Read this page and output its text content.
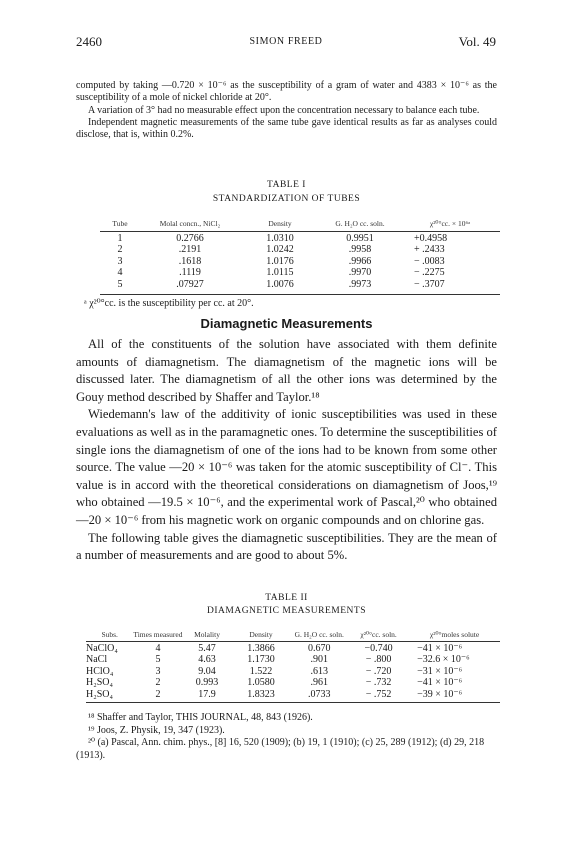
2460	SIMON FREED	Vol. 49

computed by taking —0.720 × 10⁻⁶ as the susceptibility of a gram of water and 4383 × 10⁻⁶ as the susceptibility of a mole of nickel chloride at 20°.

A variation of 3° had no measurable effect upon the concentration necessary to balance each tube.

Independent magnetic measurements of the same tube gave identical results as far as analyses could disclose, that is, within 0.2%.

TABLE I
STANDARDIZATION OF TUBES
Tube	Molal concn., NiCl₂	Density	G. H₂O cc. soln.	χ²⁰°cc. × 10⁶ᵃ

1	0.2766	1.0310	0.9951	+0.4958
2	.2191	1.0242	.9958	+ .2433
3	.1618	1.0176	.9966	− .0083
4	.1119	1.0115	.9970	− .2275
5	.07927	1.0076	.9973	− .3707
ᵃ χ²⁰°cc. is the susceptibility per cc. at 20°.
Diamagnetic Measurements

All of the constituents of the solution have associated with them definite amounts of diamagnetism. The diamagnetism of the magnetic ions will be discussed later. The diamagnetism of all the other ions was determined by the Gouy method described by Shaffer and Taylor.¹⁸

Wiedemann's law of the additivity of ionic susceptibilities was used in these evaluations as well as in the paramagnetic ones. To determine the susceptibilities of single ions the diamagnetism of one of the ions had to be known from some other source. The value —20 × 10⁻⁶ was taken for the atomic susceptibility of Cl⁻. This value is in accord with the theoretical considerations on diamagnetism of Joos,¹⁹ who obtained —19.5 × 10⁻⁶, and the experimental work of Pascal,²⁰ who obtained —20 × 10⁻⁶ from his magnetic work on organic compounds and on chlorine gas.

The following table gives the diamagnetic susceptibilities. They are the mean of a number of measurements and are good to about 5%.

TABLE II
DIAMAGNETIC MEASUREMENTS
Subs.	Times measured	Molality	Density	G. H₂O cc. soln.	χ²⁰°cc. soln.	χ²⁰°moles solute

NaClO₄	4	5.47	1.3866	0.670	−0.740	−41 × 10⁻⁶
NaCl	5	4.63	1.1730	.901	− .800	−32.6 × 10⁻⁶
HClO₄	3	9.04	1.522	.613	− .720	−31 × 10⁻⁶
H₂SO₄	2	0.993	1.0580	.961	− .732	−41 × 10⁻⁶
H₂SO₄	2	17.9	1.8323	.0733	− .752	−39 × 10⁻⁶

¹⁸ Shaffer and Taylor, THIS JOURNAL, 48, 843 (1926).

¹⁹ Joos, Z. Physik, 19, 347 (1923).

²⁰ (a) Pascal, Ann. chim. phys., [8] 16, 520 (1909); (b) 19, 1 (1910); (c) 25, 289 (1912); (d) 29, 218 (1913).
